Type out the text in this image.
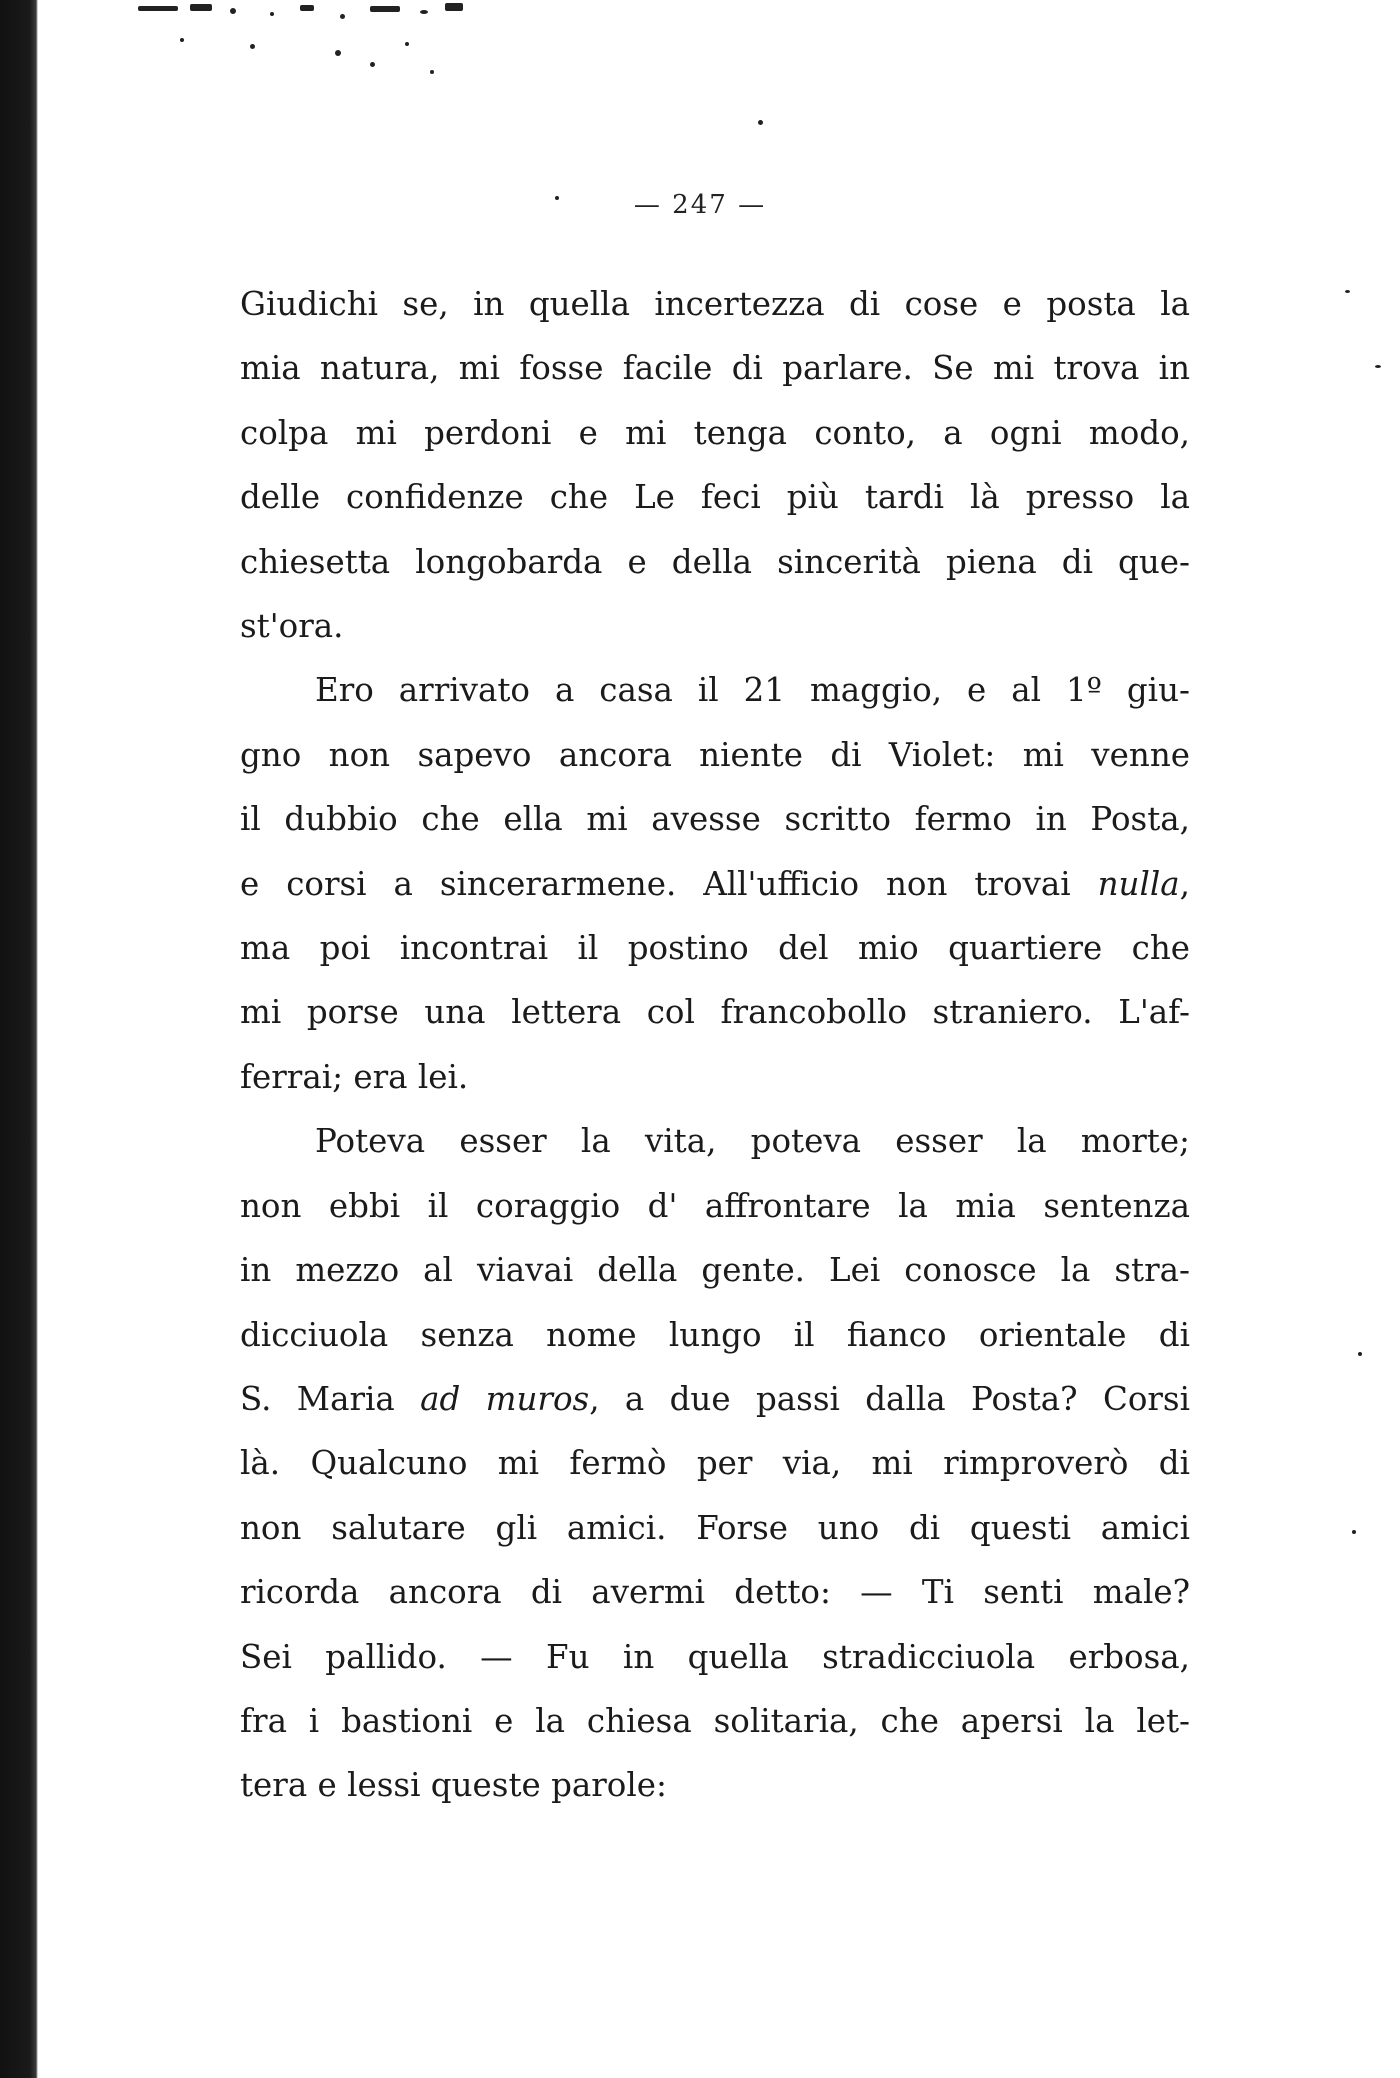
— 247 —
Giudichi se, in quella incertezza di cose e posta la
mia natura, mi fosse facile di parlare. Se mi trova in
colpa mi perdoni e mi tenga conto, a ogni modo,
delle confidenze che Le feci più tardi là presso la
chiesetta longobarda e della sincerità piena di que-
st'ora.
Ero arrivato a casa il 21 maggio, e al 1º giu-
gno non sapevo ancora niente di Violet: mi venne
il dubbio che ella mi avesse scritto fermo in Posta,
e corsi a sincerarmene. All'ufficio non trovai nulla,
ma poi incontrai il postino del mio quartiere che
mi porse una lettera col francobollo straniero. L'af-
ferrai; era lei.
Poteva esser la vita, poteva esser la morte;
non ebbi il coraggio d' affrontare la mia sentenza
in mezzo al viavai della gente. Lei conosce la stra-
dicciuola senza nome lungo il fianco orientale di
S. Maria ad muros, a due passi dalla Posta? Corsi
là. Qualcuno mi fermò per via, mi rimproverò di
non salutare gli amici. Forse uno di questi amici
ricorda ancora di avermi detto: — Ti senti male?
Sei pallido. — Fu in quella stradicciuola erbosa,
fra i bastioni e la chiesa solitaria, che apersi la let-
tera e lessi queste parole:
